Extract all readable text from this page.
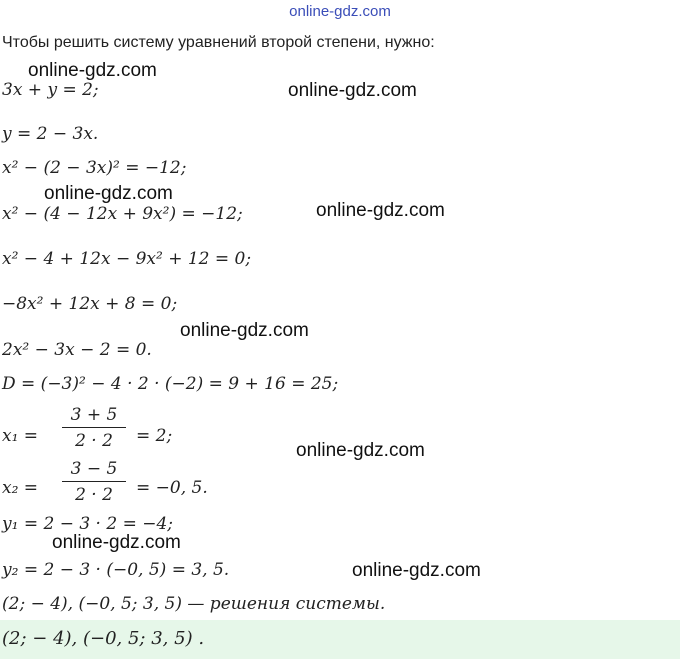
online-gdz.com
Чтобы решить систему уравнений второй степени, нужно:
3x + y = 2;
y = 2 − 3x.
x² − (2 − 3x)² = −12;
x² − (4 − 12x + 9x²) = −12;
x² − 4 + 12x − 9x² + 12 = 0;
−8x² + 12x + 8 = 0;
2x² − 3x − 2 = 0.
D = (−3)² − 4 · 2 · (−2) = 9 + 16 = 25;
x₁ =
3 + 5
2 · 2	= 2;
x₂ =
3 − 5
2 · 2	= −0, 5.
y₁ = 2 − 3 · 2 = −4;
y₂ = 2 − 3 · (−0, 5) = 3, 5.
(2; − 4), (−0, 5; 3, 5) — решения системы.
(2; − 4), (−0, 5; 3, 5) .
online-gdz.com
online-gdz.com
online-gdz.com
online-gdz.com
online-gdz.com
online-gdz.com
online-gdz.com
online-gdz.com
